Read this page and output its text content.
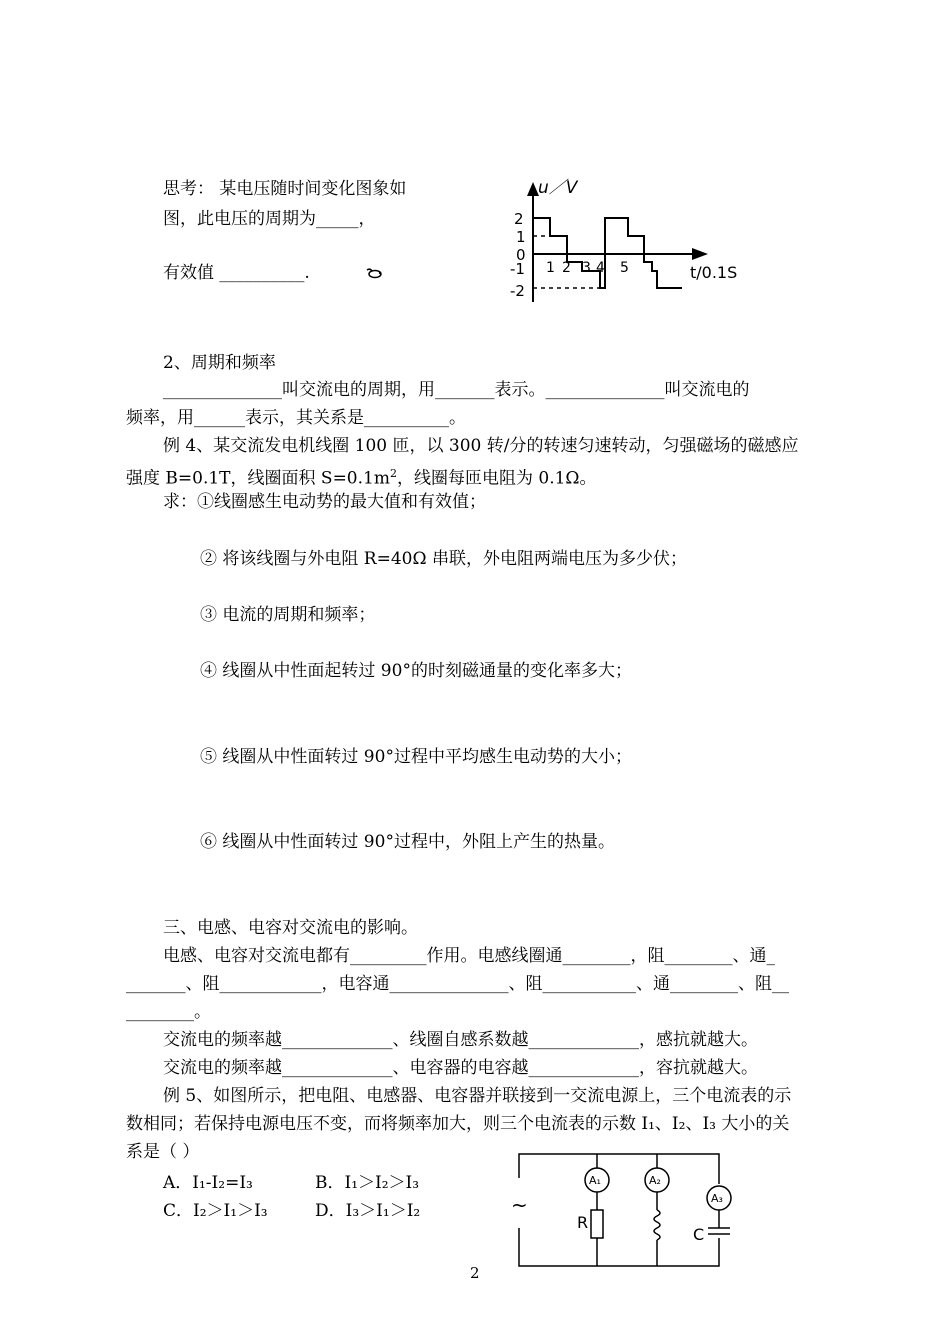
思考： 某电压随时间变化图象如
图，此电压的周期为_____，
有效值 __________.
u／V
t/0.1S
2
1
0
-1
-2
1 2 3 4 5
2、周期和频率
______________叫交流电的周期，用_______表示。______________叫交流电的
频率，用______表示，其关系是__________。
例 4、某交流发电机线圈 100 匝，以 300 转/分的转速匀速转动，匀强磁场的磁感应
强度 B=0.1T，线圈面积 $S=0.1m^2$，线圈每匝电阻为 0.1Ω。
求：①线圈感生电动势的最大值和有效值；
② 将该线圈与外电阻 R=40Ω 串联，外电阻两端电压为多少伏；
③ 电流的周期和频率；
④ 线圈从中性面起转过 90°的时刻磁通量的变化率多大；
⑤ 线圈从中性面转过 90°过程中平均感生电动势的大小；
⑥ 线圈从中性面转过 90°过程中，外阻上产生的热量。
三、电感、电容对交流电的影响。
电感、电容对交流电都有_________作用。电感线圈通________，阻________、通_
_______、阻____________，电容通______________、阻___________、通________、阻__
________。
交流电的频率越_____________、线圈自感系数越_____________，感抗就越大。
交流电的频率越_____________、电容器的电容越_____________，容抗就越大。
例 5、如图所示，把电阻、电感器、电容器并联接到一交流电源上，三个电流表的示
数相同；若保持电源电压不变，而将频率加大，则三个电流表的示数 I₁、I₂、I₃ 大小的关
系是（ ）
A．I₁-I₂=I₃	B．I₁＞I₂＞I₃
C．I₂＞I₁＞I₃	D．I₃＞I₁＞I₂	~
A₁	A₂
A₃
R
C
2
